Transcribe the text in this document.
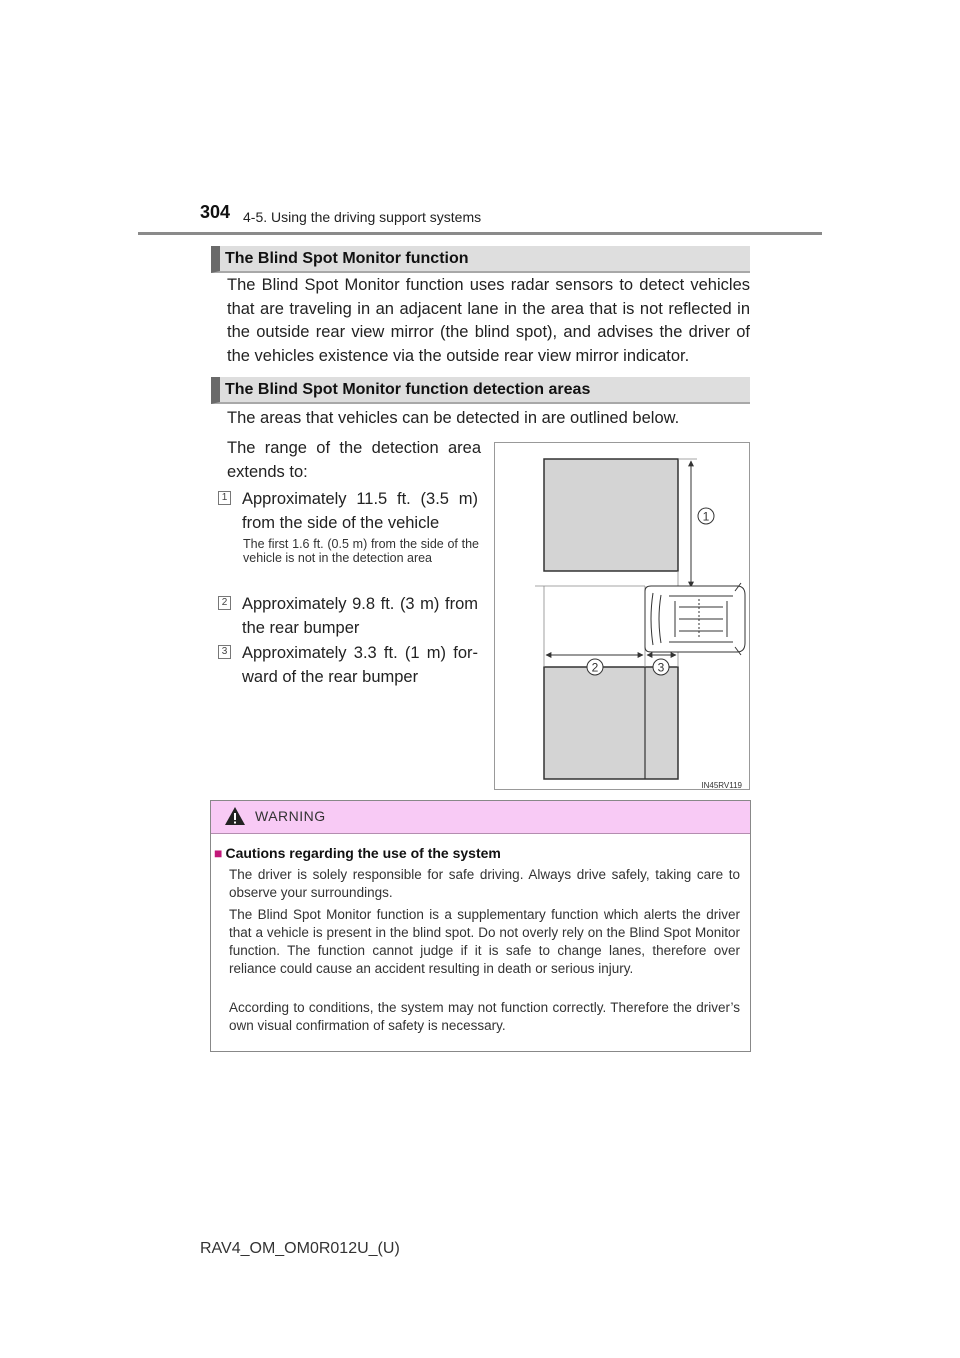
304 4-5. Using the driving support systems
The Blind Spot Monitor function
The Blind Spot Monitor function uses radar sensors to detect vehicles that are traveling in an adjacent lane in the area that is not reflected in the outside rear view mirror (the blind spot), and advises the driver of the vehicles existence via the outside rear view mirror indicator.
The Blind Spot Monitor function detection areas
The areas that vehicles can be detected in are outlined below.
The range of the detection area extends to:
1 Approximately 11.5 ft. (3.5 m) from the side of the vehicle
The first 1.6 ft. (0.5 m) from the side of the vehicle is not in the detection area
2 Approximately 9.8 ft. (3 m) from the rear bumper
3 Approximately 3.3 ft. (1 m) for-ward of the rear bumper
1
2	3
IN45RV119
WARNING
■ Cautions regarding the use of the system
The driver is solely responsible for safe driving. Always drive safely, taking care to observe your surroundings.
The Blind Spot Monitor function is a supplementary function which alerts the driver that a vehicle is present in the blind spot. Do not overly rely on the Blind Spot Monitor function. The function cannot judge if it is safe to change lanes, therefore over reliance could cause an accident resulting in death or serious injury.
According to conditions, the system may not function correctly. Therefore the driver’s own visual confirmation of safety is necessary.
RAV4_OM_OM0R012U_(U)
